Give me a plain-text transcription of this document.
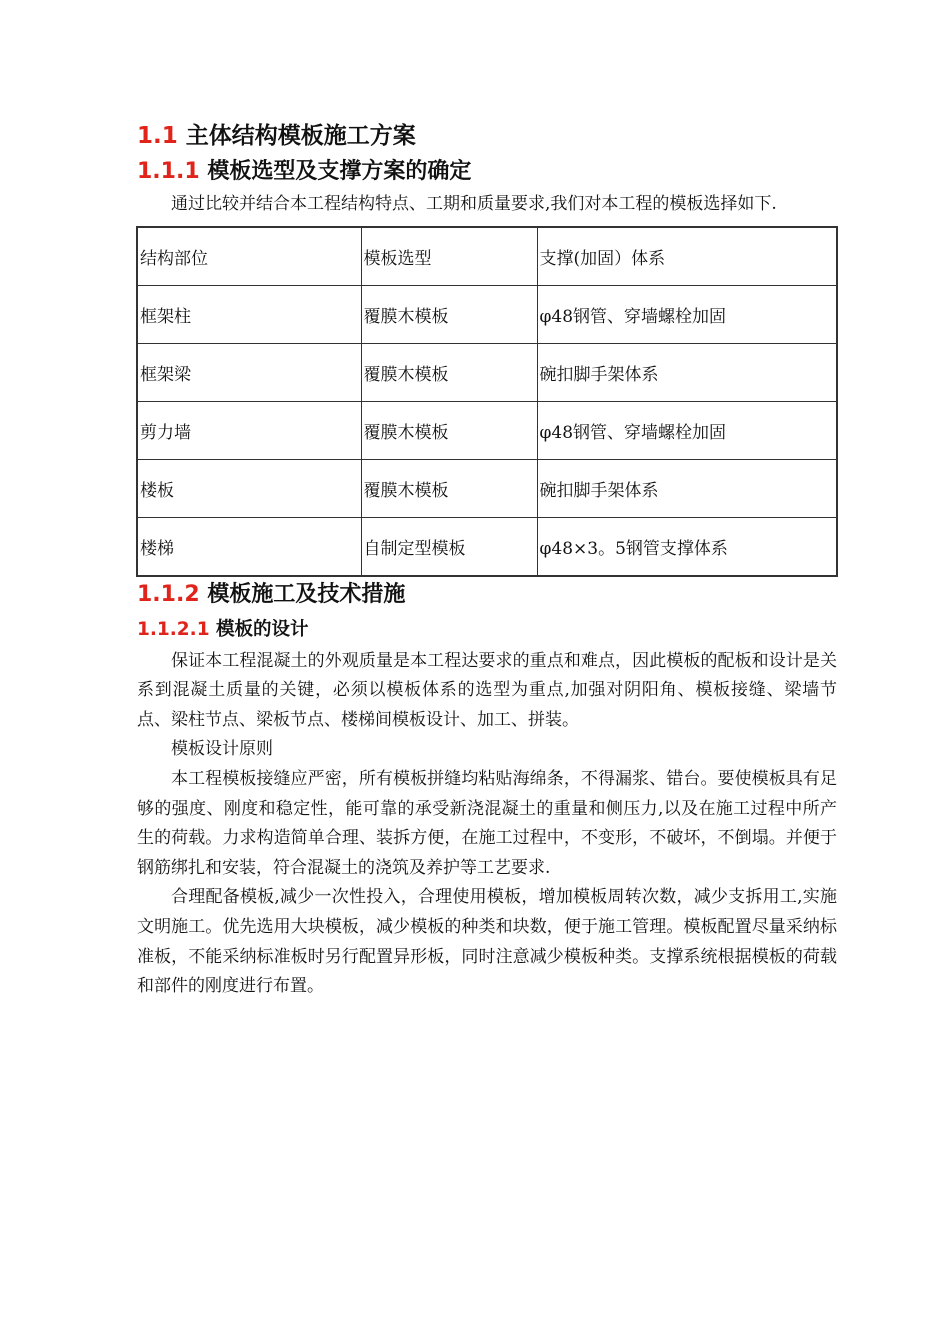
1.1 主体结构模板施工方案
1.1.1 模板选型及支撑方案的确定

通过比较并结合本工程结构特点、工期和质量要求,我们对本工程的模板选择如下.

结构部位	模板选型	支撑(加固）体系
框架柱	覆膜木模板	φ48钢管、穿墙螺栓加固
框架梁	覆膜木模板	碗扣脚手架体系
剪力墙	覆膜木模板	φ48钢管、穿墙螺栓加固
楼板	覆膜木模板	碗扣脚手架体系
楼梯	自制定型模板	φ48×3。5钢管支撑体系
1.1.2 模板施工及技术措施
1.1.2.1 模板的设计

保证本工程混凝土的外观质量是本工程达要求的重点和难点，因此模板的配板和设计是关系到混凝土质量的关键，必须以模板体系的选型为重点,加强对阴阳角、模板接缝、梁墙节点、梁柱节点、梁板节点、楼梯间模板设计、加工、拼装。

模板设计原则

本工程模板接缝应严密，所有模板拼缝均粘贴海绵条，不得漏浆、错台。要使模板具有足够的强度、刚度和稳定性，能可靠的承受新浇混凝土的重量和侧压力,以及在施工过程中所产生的荷载。力求构造简单合理、装拆方便，在施工过程中，不变形，不破坏，不倒塌。并便于钢筋绑扎和安装，符合混凝土的浇筑及养护等工艺要求.

合理配备模板,减少一次性投入，合理使用模板，增加模板周转次数，减少支拆用工,实施文明施工。优先选用大块模板，减少模板的种类和块数，便于施工管理。模板配置尽量采纳标准板，不能采纳标准板时另行配置异形板，同时注意减少模板种类。支撑系统根据模板的荷载和部件的刚度进行布置。
